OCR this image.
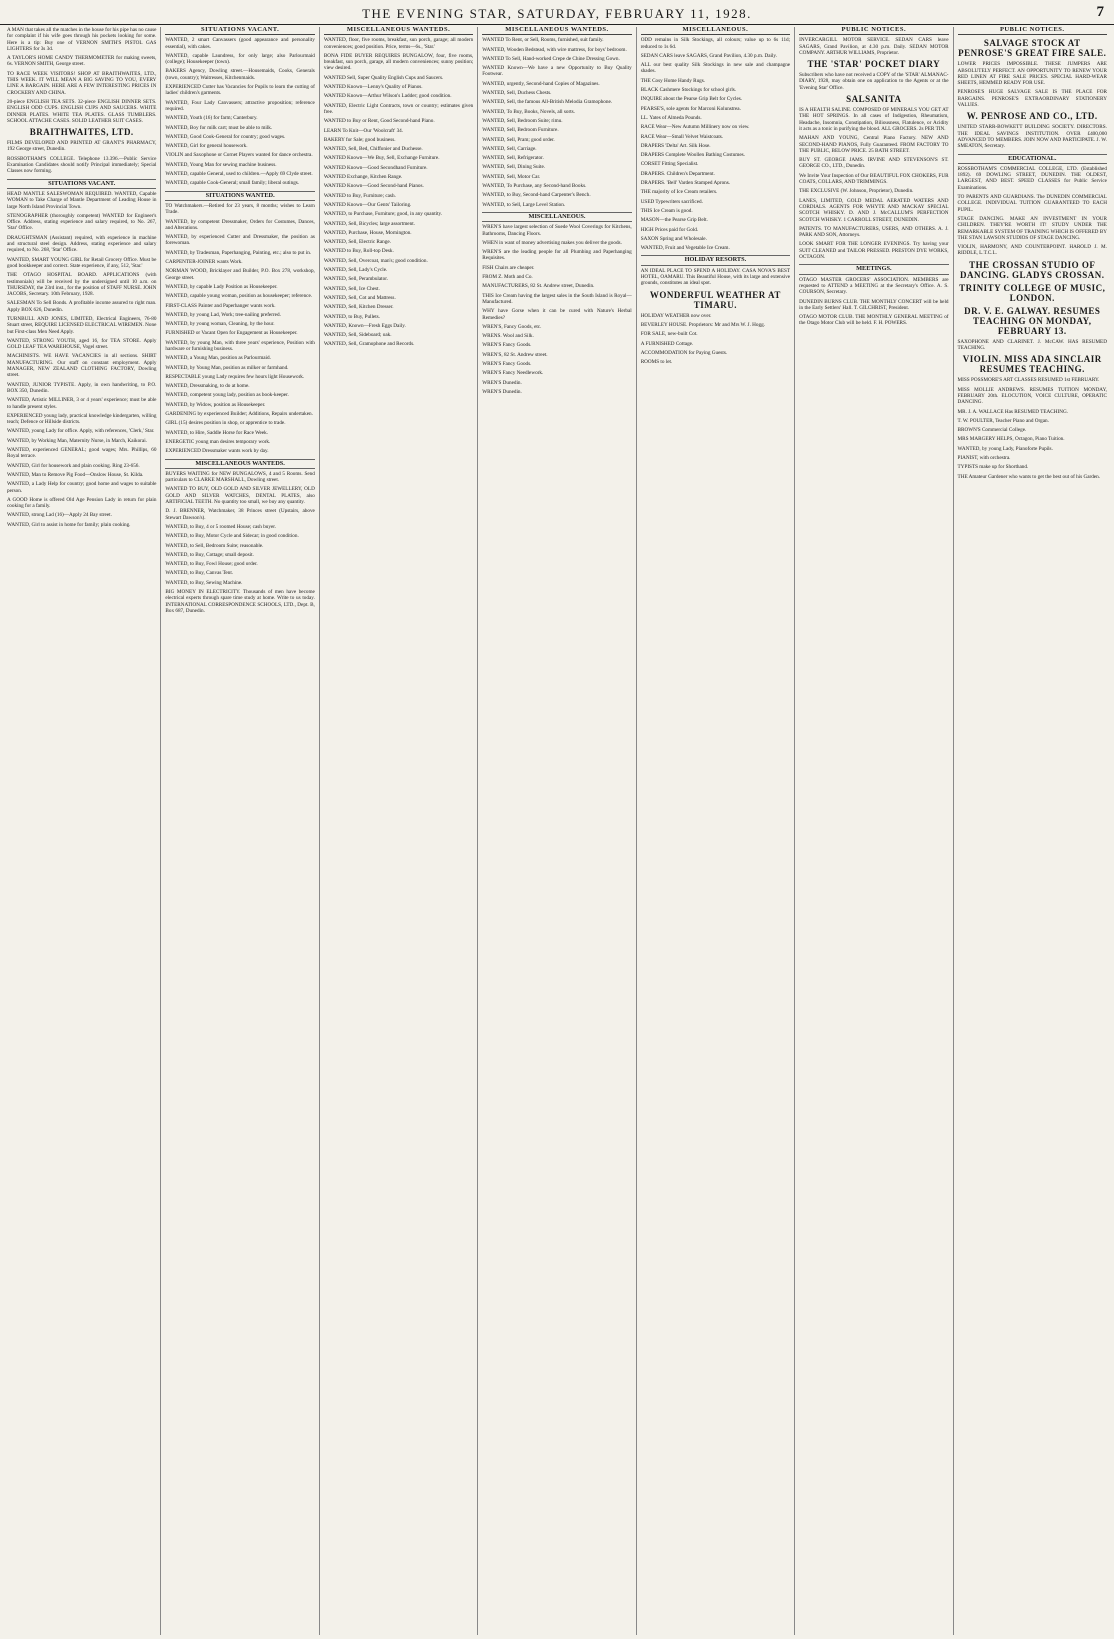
THE EVENING STAR, SATURDAY, FEBRUARY 11, 1928.	7
A MAN that takes all the matches in the house for his pipe has no cause for complaint if his wife goes through his pockets looking for some. Here is a tip: Buy one of VERNON SMITH'S PISTOL GAS LIGHTERS for 3s 3d.
A TAYLOR'S HOME CANDY THERMOMETER for making sweets, 6s. VERNON SMITH, George street.
TO RACE WEEK VISITORS! SHOP AT BRAITHWAITES, LTD., THIS WEEK. IT WILL MEAN A BIG SAVING TO YOU, EVERY LINE A BARGAIN. HERE ARE A FEW INTERESTING PRICES IN CROCKERY AND CHINA.
20-piece ENGLISH TEA SETS. 32-piece ENGLISH DINNER SETS. ENGLISH ODD CUPS. ENGLISH CUPS AND SAUCERS. WHITE DINNER PLATES. WHITE TEA PLATES. GLASS TUMBLERS. SCHOOL ATTACHE CASES. SOLID LEATHER SUIT CASES.
BRAITHWAITES, LTD.
FILMS DEVELOPED AND PRINTED AT GRANT'S PHARMACY, 192 George street, Dunedin.
ROSSBOTHAM'S COLLEGE. Telephone 13.396.—Public Service Examination Candidates should notify Principal immediately; Special Classes now forming.
SITUATIONS VACANT.
HEAD MANTLE SALESWOMAN REQUIRED. WANTED, Capable WOMAN to Take Charge of Mantle Department of Leading House in large North Island Provincial Town.
STENOGRAPHER (thoroughly competent) WANTED for Engineer's Office. Address, stating experience and salary required, to No. 267, 'Star' Office.
DRAUGHTSMAN (Assistant) required, with experience in machine and structural steel design. Address, stating experience and salary required, to No. 268, 'Star' Office.
WANTED, SMART YOUNG GIRL for Retail Grocery Office. Must be good bookkeeper and correct. State experience, if any, 512, 'Star.'
THE OTAGO HOSPITAL BOARD. APPLICATIONS (with testimonials) will be received by the undersigned until 10 a.m. on THURSDAY, the 23rd inst., for the position of STAFF NURSE. JOHN JACOBS, Secretary. 10th February, 1928.
SALESMAN To Sell Bonds. A profitable income assured to right man. Apply BOX 626, Dunedin.
TURNBULL AND JONES, LIMITED, Electrical Engineers, 76-80 Stuart street, REQUIRE LICENSED ELECTRICAL WIREMEN. None but First-class Men Need Apply.
WANTED, STRONG YOUTH, aged 16, for TEA STORE. Apply GOLD LEAF TEA WAREHOUSE, Vogel street.
MACHINISTS. WE HAVE VACANCIES in all sections. SHIRT MANUFACTURING. Our staff on constant employment. Apply MANAGER, NEW ZEALAND CLOTHING FACTORY, Dowling street.
WANTED, JUNIOR TYPISTE. Apply, in own handwriting, to P.O. BOX 350, Dunedin.
WANTED, Artistic MILLINER, 3 or 4 years' experience; must be able to handle present styles.
EXPERIENCED young lady, practical knowledge kindergarten, willing teach; Defence or Hillside districts.
WANTED, young Lady for office. Apply, with references, 'Clerk,' Star.
WANTED, by Working Man, Maternity Nurse, in March, Kaikorai.
WANTED, experienced GENERAL; good wages; Mrs. Phillips, 60 Royal terrace.
WANTED, Girl for housework and plain cooking. Ring 23-656.
WANTED, Man to Remove Pig Food—Onslow House, St. Kilda.
WANTED, a Lady Help for country; good home and wages to suitable person.
A GOOD Home is offered Old Age Pension Lady in return for plain cooking for a family.
WANTED, strong Lad (16)—Apply 24 Bay street.
WANTED, Girl to assist in home for family; plain cooking.
SITUATIONS VACANT.
WANTED, 2 smart Canvassers (good appearance and personality essential), with cakes.
WANTED, capable Laundress, for only large; also Parlourmaid (college); Housekeeper (town).
BAKERS Agency, Dowling street.—Housemaids, Cooks, Generals (town, country); Waitresses, Kitchenmaids.
EXPERIENCED Cutter has Vacancies for Pupils to learn the cutting of ladies' children's garments.
WANTED, Four Lady Canvassers; attractive proposition; reference required.
WANTED, Youth (16) for farm; Canterbury.
WANTED, Boy for milk cart; must be able to milk.
WANTED, Good Cook-General for country; good wages.
WANTED, Girl for general housework.
VIOLIN and Saxophone or Cornet Players wanted for dance orchestra.
WANTED, Young Man for sewing machine business.
WANTED, capable General, used to children.—Apply 69 Clyde street.
WANTED, capable Cook-General; small family; liberal outings.
SITUATIONS WANTED.
TO Watchmakers.—Retired for 23 years, 8 months; wishes to Learn Trade.
WANTED, by competent Dressmaker, Orders for Costumes, Dances, and Alterations.
WANTED, by experienced Cutter and Dressmaker, the position as forewoman.
WANTED, by Tradesman, Paperhanging, Painting, etc.; also to put in.
CARPENTER-JOINER wants Work.
NORMAN WOOD, Bricklayer and Builder, P.O. Box 278, workshop, George street.
WANTED, by capable Lady Position as Housekeeper.
WANTED, capable young woman, position as housekeeper; reference.
FIRST-CLASS Painter and Paperhanger wants work.
WANTED, by young Lad, Work; tree-nailing preferred.
WANTED, by young woman, Cleaning, by the hour.
FURNISHED or Vacant Open for Engagement as Housekeeper.
WANTED, by young Man, with three years' experience, Position with hardware or furnishing business.
WANTED, a Young Man, position as Parlourmaid.
WANTED, by Young Man, position as milker or farmhand.
RESPECTABLE young Lady requires few hours light Housework.
WANTED, Dressmaking, to do at home.
WANTED, competent young lady, position as book-keeper.
WANTED, by Widow, position as Housekeeper.
GARDENING by experienced Builder; Additions, Repairs undertaken.
GIRL (15) desires position in shop, or apprentice to trade.
WANTED, to Hire, Saddle Horse for Race Week.
ENERGETIC young man desires temporary work.
EXPERIENCED Dressmaker wants work by day.
MISCELLANEOUS WANTEDS.
BUYERS WAITING for NEW BUNGALOWS, 4 and 5 Rooms. Send particulars to CLARKE MARSHALL, Dowling street.
WANTED TO BUY, OLD GOLD AND SILVER JEWELLERY, OLD GOLD AND SILVER WATCHES, DENTAL PLATES, also ARTIFICIAL TEETH. No quantity too small, we buy any quantity.
D. J. BRENNER, Watchmaker, 38 Princes street (Upstairs, above Stewart Dawson's).
WANTED, to Buy, 4 or 5 roomed House; cash buyer.
WANTED, to Buy, Motor Cycle and Sidecar; in good condition.
WANTED, to Sell, Bedroom Suite; reasonable.
WANTED, to Buy, Cottage; small deposit.
WANTED, to Buy, Fowl House; good order.
WANTED, to Buy, Canvas Tent.
WANTED, to Buy, Sewing Machine.
BIG MONEY IN ELECTRICITY. Thousands of men have become electrical experts through spare time study at home. Write to us today. INTERNATIONAL CORRESPONDENCE SCHOOLS, LTD., Dept. B, Box 687, Dunedin.
MISCELLANEOUS WANTEDS.
WANTED, floor, five rooms, breakfast, sun porch, garage; all modern conveniences; good position. Price, terms—6s., 'Star.'
BONA FIDE BUYER REQUIRES BUNGALOW, four, five rooms, breakfast, sun porch, garage, all modern conveniences; sunny position; view desired.
WANTED Sell, Super Quality English Cups and Saucers.
WANTED Known—Lenny's Quality of Pianos.
WANTED Known—Arthur Wilson's Ladder; good condition.
WANTED, Electric Light Contracts, town or country; estimates given free.
WANTED to Buy or Rent, Good Second-hand Piano.
LEARN To Knit—Our 'Woolcraft' 34.
BAKERY for Sale; good business.
WANTED, Sell, Bed, Chiffonier and Duchesse.
WANTED Known—We Buy, Sell, Exchange Furniture.
WANTED Known—Good Secondhand Furniture.
WANTED Exchange, Kitchen Range.
WANTED Known—Good Second-hand Pianos.
WANTED to Buy, Furniture; cash.
WANTED Known—Our Gents' Tailoring.
WANTED, to Purchase, Furniture; good, in any quantity.
WANTED, Sell, Bicycles; large assortment.
WANTED, Purchase, House, Mornington.
WANTED, Sell, Electric Range.
WANTED to Buy, Roll-top Desk.
WANTED, Sell, Overcoat, man's; good condition.
WANTED, Sell, Lady's Cycle.
WANTED, Sell, Perambulator.
WANTED, Sell, Ice Chest.
WANTED, Sell, Cot and Mattress.
WANTED, Sell, Kitchen Dresser.
WANTED, to Buy, Pullets.
WANTED, Known—Fresh Eggs Daily.
WANTED, Sell, Sideboard; oak.
WANTED, Sell, Gramophone and Records.
MISCELLANEOUS WANTEDS.
WANTED To Rent, or Sell, Rooms, furnished, suit family.
WANTED, Wooden Bedstead, with wire mattress, for boys' bedroom.
WANTED To Sell, Hand-worked Crepe de Chine Dressing Gown.
WANTED Known—We have a new Opportunity to Buy Quality Footwear.
WANTED, urgently, Second-hand Copies of Magazines.
WANTED, Sell, Duchess Chests.
WANTED, Sell, the famous All-British Melodia Gramophone.
WANTED, To Buy, Books, Novels, all sorts.
WANTED, Sell, Bedroom Suite; rimu.
WANTED, Sell, Bedroom Furniture.
WANTED, Sell, Pram; good order.
WANTED, Sell, Carriage.
WANTED, Sell, Refrigerator.
WANTED, Sell, Dining Suite.
WANTED, Sell, Motor Car.
WANTED, To Purchase, any Second-hand Books.
WANTED, to Buy, Second-hand Carpenter's Bench.
WANTED, to Sell, Large Level Station.
MISCELLANEOUS.
WREN'S have largest selection of Suede Wool Coverings for Kitchens, Bathrooms, Dancing Floors.
WHEN in want of money advertising makes you deliver the goods.
WREN'S are the leading people for all Plumbing and Paperhanging Requisites.
FISH Chairs are cheaper.
FROM Z. Moth and Co.
MANUFACTURERS, 82 St. Andrew street, Dunedin.
THIS Ice Cream having the largest sales in the South Island is Royal—Manufactured.
WHY have Gorse when it can be cured with Nature's Herbal Remedies?
WREN'S, Fancy Goods, etc.
WRENS. Wool and Silk.
WREN'S Fancy Goods.
WREN'S, 82 St. Andrew street.
WREN'S Fancy Goods.
WREN'S Fancy Needlework.
WREN'S Dunedin.
WREN'S Dunedin.
MISCELLANEOUS.
ODD remains in Silk Stockings, all colours; value up to 6s 11d; reduced to 1s 6d.
SEDAN CARS leave SAGARS, Grand Pavilion, 4.30 p.m. Daily.
ALL our best quality Silk Stockings in new sale and champagne shades.
THE Cosy Home Handy Rugs.
BLACK Cashmere Stockings for school girls.
INQUIRE about the Pearse Grip Belt for Cycles.
PEARSE'S, sole agents for Marconi Kolunstrea.
LL. Yates of Almeda Pounds.
RACE Wear—New Autumn Millinery now on view.
RACE Wear—Small Velvet Waistcoats.
DRAPERS 'Delta' Art. Silk Hose.
DRAPERS Complete Woollen Bathing Costumes.
CORSET Fitting Specialist.
DRAPERS. Children's Department.
DRAPERS. 'Bell' Varden Stamped Aprons.
THE majority of Ice Cream retailers.
USED Typewriters sacrificed.
THIS Ice Cream is good.
MASON—the Pearse Grip Belt.
HIGH Prices paid for Gold.
SAXON Spring and Wholesale.
WANTED, Fruit and Vegetable Ice Cream.
HOLIDAY RESORTS.
AN IDEAL PLACE TO SPEND A HOLIDAY. CASA NOVA'S BEST HOTEL, OAMARU. This Beautiful House, with its large and extensive grounds, constitutes an ideal spot.
WONDERFUL WEATHER AT TIMARU.
HOLIDAY WEATHER now over.
BEVERLEY HOUSE. Proprietors: Mr and Mrs W. J. Hogg.
FOR SALE, new-built Cot.
A FURNISHED Cottage.
ACCOMMODATION for Paying Guests.
ROOMS to let.
PUBLIC NOTICES.
INVERCARGILL MOTOR SERVICE. SEDAN CARS leave SAGARS, Grand Pavilion, at 4.30 p.m. Daily. SEDAN MOTOR COMPANY. ARTHUR WILLIAMS, Proprietor.
THE 'STAR' POCKET DIARY
Subscribers who have not received a COPY of the 'STAR' ALMANAC-DIARY, 1928, may obtain one on application to the Agents or at the 'Evening Star' Office.
SALSANITA
IS A HEALTH SALINE. COMPOSED OF MINERALS YOU GET AT THE HOT SPRINGS. In all cases of Indigestion, Rheumatism, Headache, Insomnia, Constipation, Biliousness, Flatulence, or Acidity it acts as a tonic in purifying the blood. ALL GROCERS. 2s PER TIN.
MAHAN AND YOUNG, Central Piano Factory. NEW AND SECOND-HAND PIANOS, Fully Guaranteed. FROM FACTORY TO THE PUBLIC, BELOW PRICE. 25 BATH STREET.
BUY ST. GEORGE JAMS. IRVINE AND STEVENSON'S ST. GEORGE CO., LTD., Dunedin.
We Invite Your Inspection of Our BEAUTIFUL FOX CHOKERS, FUR COATS, COLLARS, AND TRIMMINGS.
THE EXCLUSIVE (W. Johnson, Proprietor), Dunedin.
LANES, LIMITED, GOLD MEDAL AERATED WATERS AND CORDIALS. AGENTS FOR WHYTE AND MACKAY SPECIAL SCOTCH WHISKY. D. AND J. McCALLUM'S PERFECTION SCOTCH WHISKY. 1 CARROLL STREET, DUNEDIN.
PATENTS. TO MANUFACTURERS, USERS, AND OTHERS. A. J. PARK AND SON, Attorneys.
LOOK SMART FOR THE LONGER EVENINGS. Try having your SUIT CLEANED and TAILOR PRESSED. PRESTON DYE WORKS, OCTAGON.
MEETINGS.
OTAGO MASTER GROCERS' ASSOCIATION. MEMBERS are requested to ATTEND a MEETING at the Secretary's Office. A. S. COURSON, Secretary.
DUNEDIN BURNS CLUB. THE MONTHLY CONCERT will be held in the Early Settlers' Hall. T. GILCHRIST, President.
OTAGO MOTOR CLUB. THE MONTHLY GENERAL MEETING of the Otago Motor Club will be held. F. H. POWERS.
PUBLIC NOTICES.
SALVAGE STOCK AT PENROSE'S GREAT FIRE SALE.
LOWER PRICES IMPOSSIBLE. THESE JUMPERS ARE ABSOLUTELY PERFECT. AN OPPORTUNITY TO RENEW YOUR RED LINEN AT FIRE SALE PRICES. SPECIAL HARD-WEAR SHEETS, HEMMED READY FOR USE.
PENROSE'S HUGE SALVAGE SALE IS THE PLACE FOR BARGAINS. PENROSE'S EXTRAORDINARY STATIONERY VALUES.
W. PENROSE AND CO., LTD.
UNITED STARR-BOWKETT BUILDING SOCIETY. DIRECTORS. THE IDEAL SAVINGS INSTITUTION. OVER £400,000 ADVANCED TO MEMBERS. JOIN NOW AND PARTICIPATE. J. W. SMEATON, Secretary.
EDUCATIONAL.
ROSSBOTHAM'S COMMERCIAL COLLEGE, LTD. (Established 1892). 69 DOWLING STREET, DUNEDIN. THE OLDEST, LARGEST, AND BEST. SPEED CLASSES for Public Service Examinations.
TO PARENTS AND GUARDIANS. The DUNEDIN COMMERCIAL COLLEGE. INDIVIDUAL TUITION GUARANTEED TO EACH PUPIL.
STAGE DANCING. MAKE AN INVESTMENT IN YOUR CHILDREN. THEY'RE WORTH IT! STUDY UNDER THE REMARKABLE SYSTEM OF TRAINING WHICH IS OFFERED BY THE STAN LAWSON STUDIOS OF STAGE DANCING.
VIOLIN, HARMONY, AND COUNTERPOINT. HAROLD J. M. RIDDLE, L.T.C.L.
THE CROSSAN STUDIO OF DANCING. GLADYS CROSSAN.
TRINITY COLLEGE OF MUSIC, LONDON.
DR. V. E. GALWAY. RESUMES TEACHING ON MONDAY, FEBRUARY 13.
SAXOPHONE AND CLARINET. J. McCAW. HAS RESUMED TEACHING.
VIOLIN. MISS ADA SINCLAIR RESUMES TEACHING.
MISS POSSMORE'S ART CLASSES RESUMED 1st FEBRUARY.
MISS MOLLIE ANDREWS. RESUMES TUITION MONDAY, FEBRUARY 20th. ELOCUTION, VOICE CULTURE, OPERATIC DANCING.
MR. J. A. WALLACE Has RESUMED TEACHING.
T. W. POULTER, Teacher Piano and Organ.
BROWN'S Commercial College.
MRS MARGERY HELPS, Octagon, Piano Tuition.
WANTED, by young Lady, Pianoforte Pupils.
PIANIST, with orchestra.
TYPISTS make up for Shorthand.
THE Amateur Gardener who wants to get the best out of his Garden.
